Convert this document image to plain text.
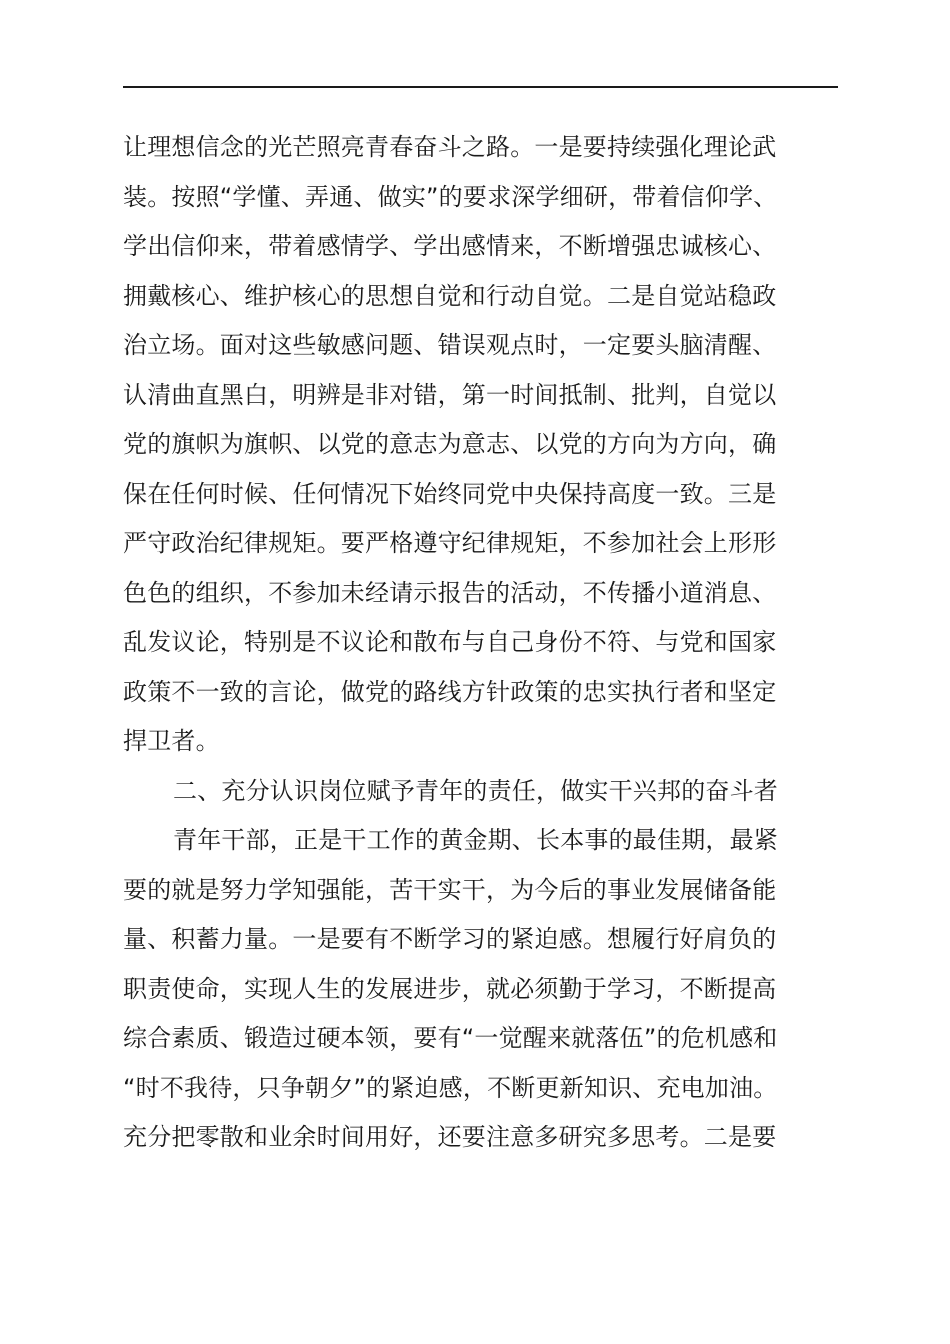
让理想信念的光芒照亮青春奋斗之路。一是要持续强化理论武
装。按照“学懂、弄通、做实”的要求深学细研，带着信仰学、
学出信仰来，带着感情学、学出感情来，不断增强忠诚核心、
拥戴核心、维护核心的思想自觉和行动自觉。二是自觉站稳政
治立场。面对这些敏感问题、错误观点时，一定要头脑清醒、
认清曲直黑白，明辨是非对错，第一时间抵制、批判，自觉以
党的旗帜为旗帜、以党的意志为意志、以党的方向为方向，确
保在任何时候、任何情况下始终同党中央保持高度一致。三是
严守政治纪律规矩。要严格遵守纪律规矩，不参加社会上形形
色色的组织，不参加未经请示报告的活动，不传播小道消息、
乱发议论，特别是不议论和散布与自己身份不符、与党和国家
政策不一致的言论，做党的路线方针政策的忠实执行者和坚定
捍卫者。
二、充分认识岗位赋予青年的责任，做实干兴邦的奋斗者
青年干部，正是干工作的黄金期、长本事的最佳期，最紧
要的就是努力学知强能，苦干实干，为今后的事业发展储备能
量、积蓄力量。一是要有不断学习的紧迫感。想履行好肩负的
职责使命，实现人生的发展进步，就必须勤于学习，不断提高
综合素质、锻造过硬本领，要有“一觉醒来就落伍”的危机感和
“时不我待，只争朝夕”的紧迫感，不断更新知识、充电加油。
充分把零散和业余时间用好，还要注意多研究多思考。二是要
